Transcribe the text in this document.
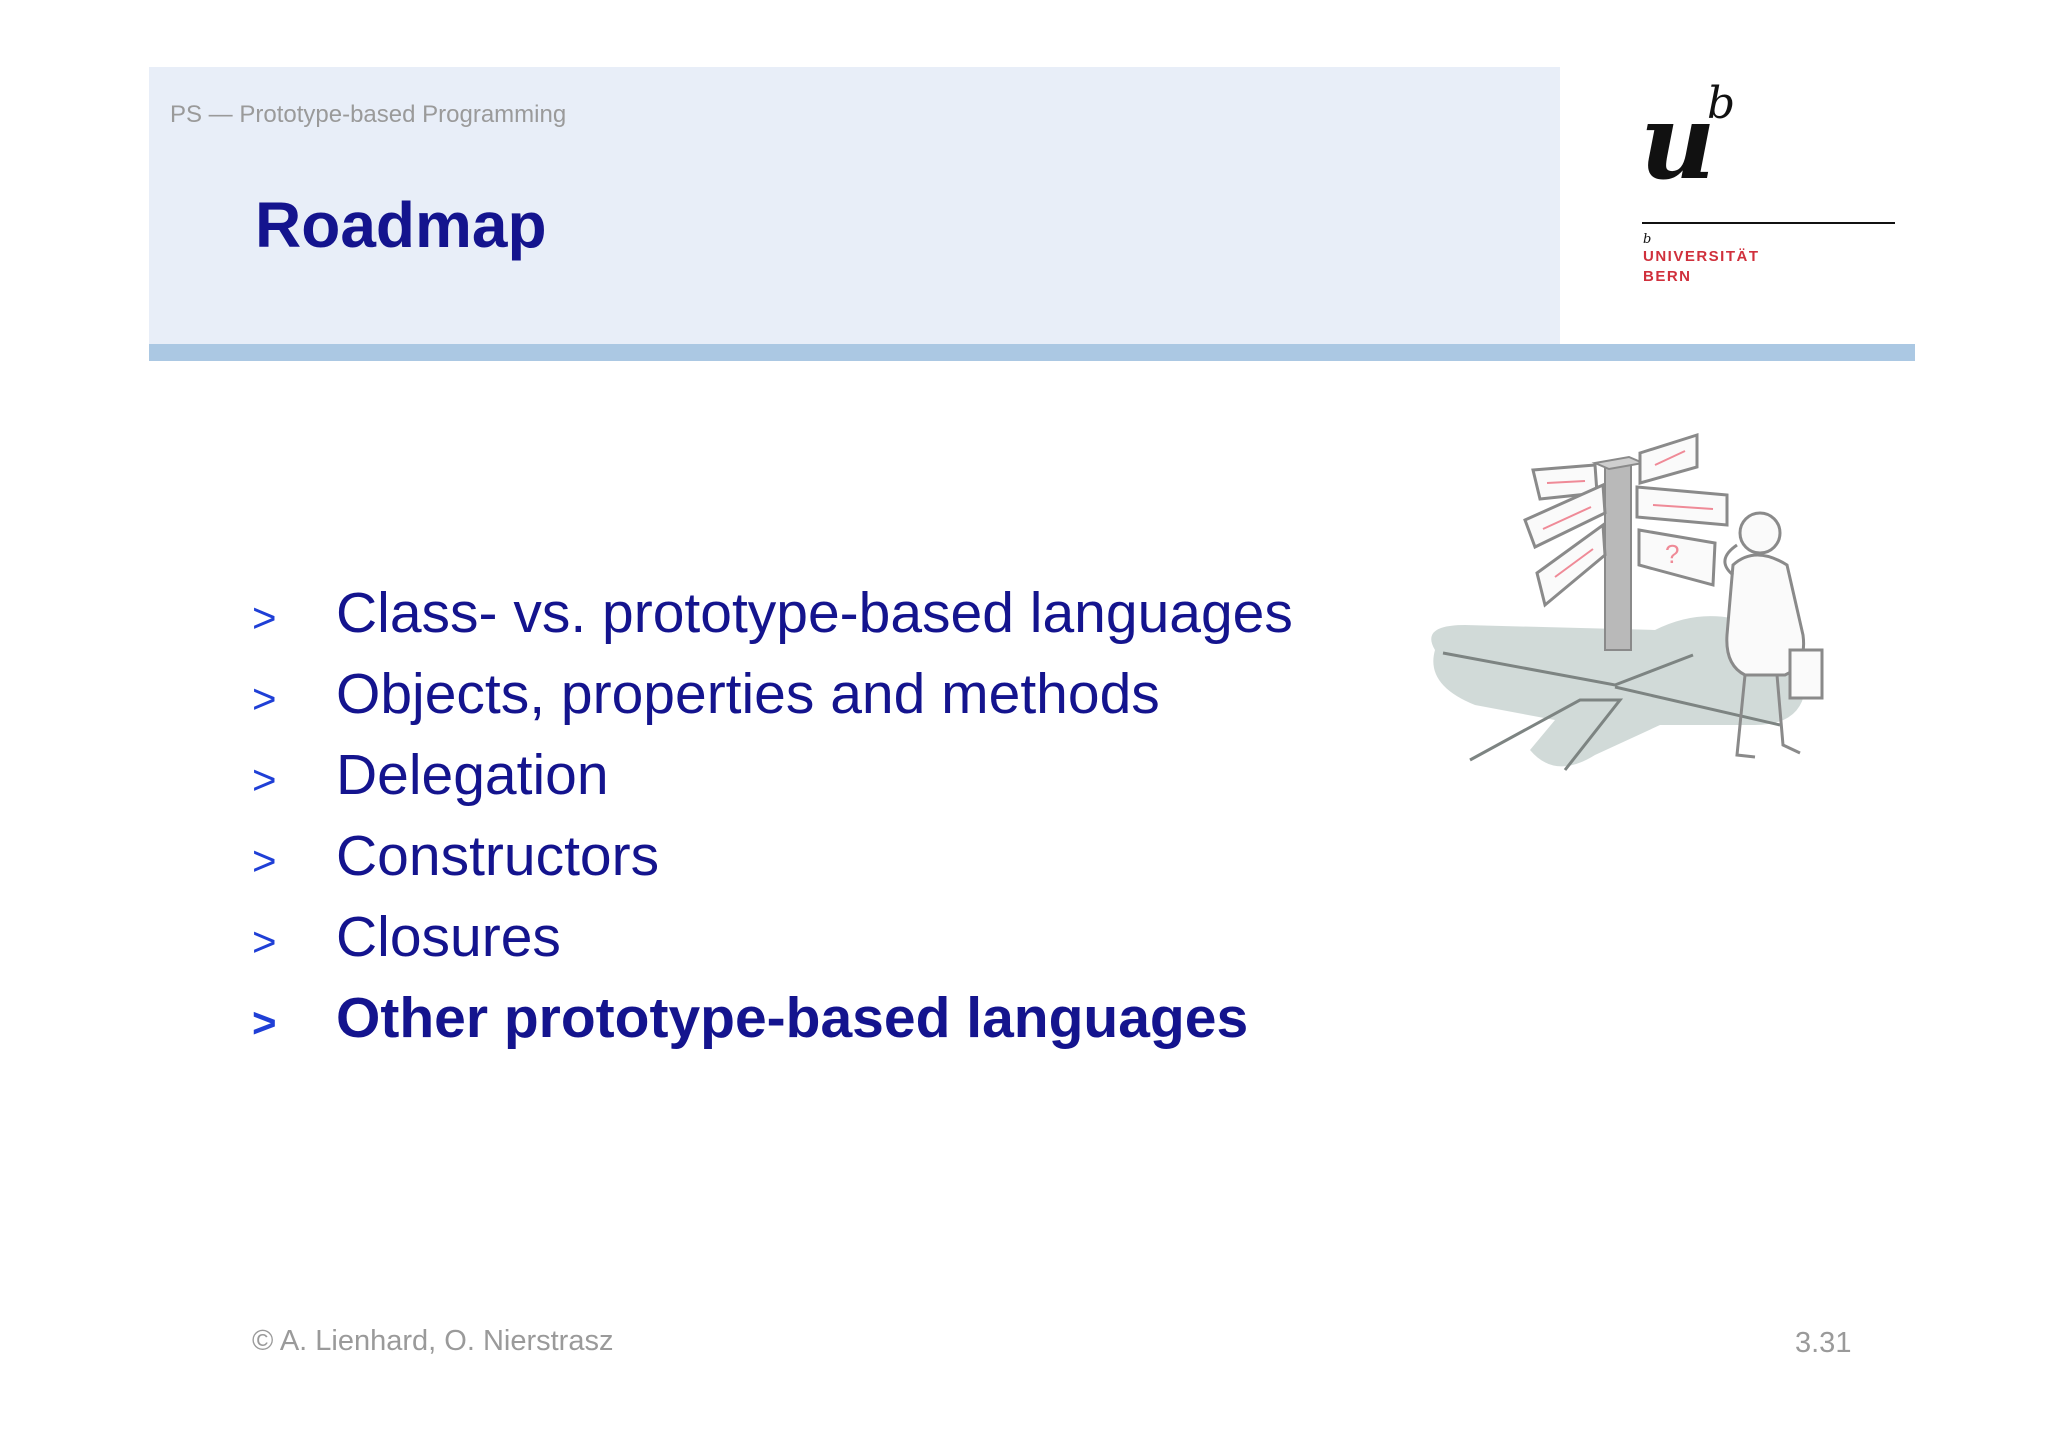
PS — Prototype-based Programming
Roadmap
u
b
b
UNIVERSITÄT
BERN
>	Class- vs. prototype-based languages
>	Objects, properties and methods
>	Delegation
>	Constructors
>	Closures
>	Other prototype-based languages
?
© A. Lienhard, O. Nierstrasz	3.31
